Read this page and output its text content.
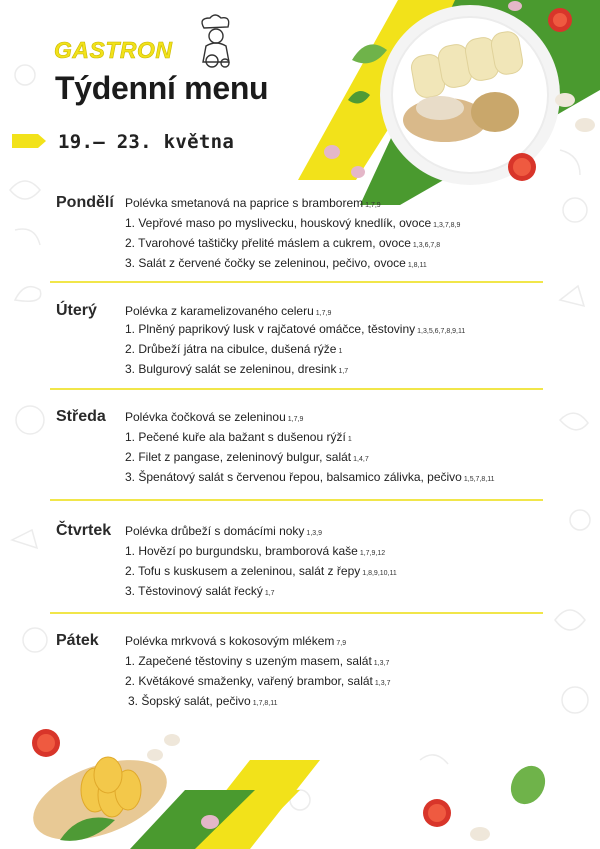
GASTRON
Týdenní menu
19.– 23. května
Pondělí Polévka smetanová na paprice s bramborem 1,7,9
1. Vepřové maso po myslivecku, houskový knedlík, ovoce 1,3,7,8,9
2. Tvarohové taštičky přelité máslem a cukrem, ovoce 1,3,6,7,8
3. Salát z červené čočky se zeleninou, pečivo, ovoce 1,8,11
Úterý Polévka z karamelizovaného celeru 1,7,9
1. Plněný paprikový lusk v rajčatové omáčce, těstoviny 1,3,5,6,7,8,9,11
2. Drůbeží játra na cibulce, dušená rýže 1
3. Bulgurový salát se zeleninou, dresink 1,7
Středa Polévka čočková se zeleninou 1,7,9
1. Pečené kuře ala bažant s dušenou rýží 1
2. Filet z pangase, zeleninový bulgur, salát 1,4,7
3. Špenátový salát s červenou řepou, balsamico zálivka, pečivo 1,5,7,8,11
Čtvrtek Polévka drůbeží s domácími noky 1,3,9
1. Hovězí po burgundsku, bramborová kaše 1,7,9,12
2. Tofu s kuskusem a zeleninou, salát z řepy 1,8,9,10,11
3. Těstovinový salát řecký 1,7
Pátek Polévka mrkvová s kokosovým mlékem 7,9
1. Zapečené těstoviny s uzeným masem, salát 1,3,7
2. Květákové smaženky, vařený brambor, salát 1,3,7
3. Šopský salát, pečivo 1,7,8,11
